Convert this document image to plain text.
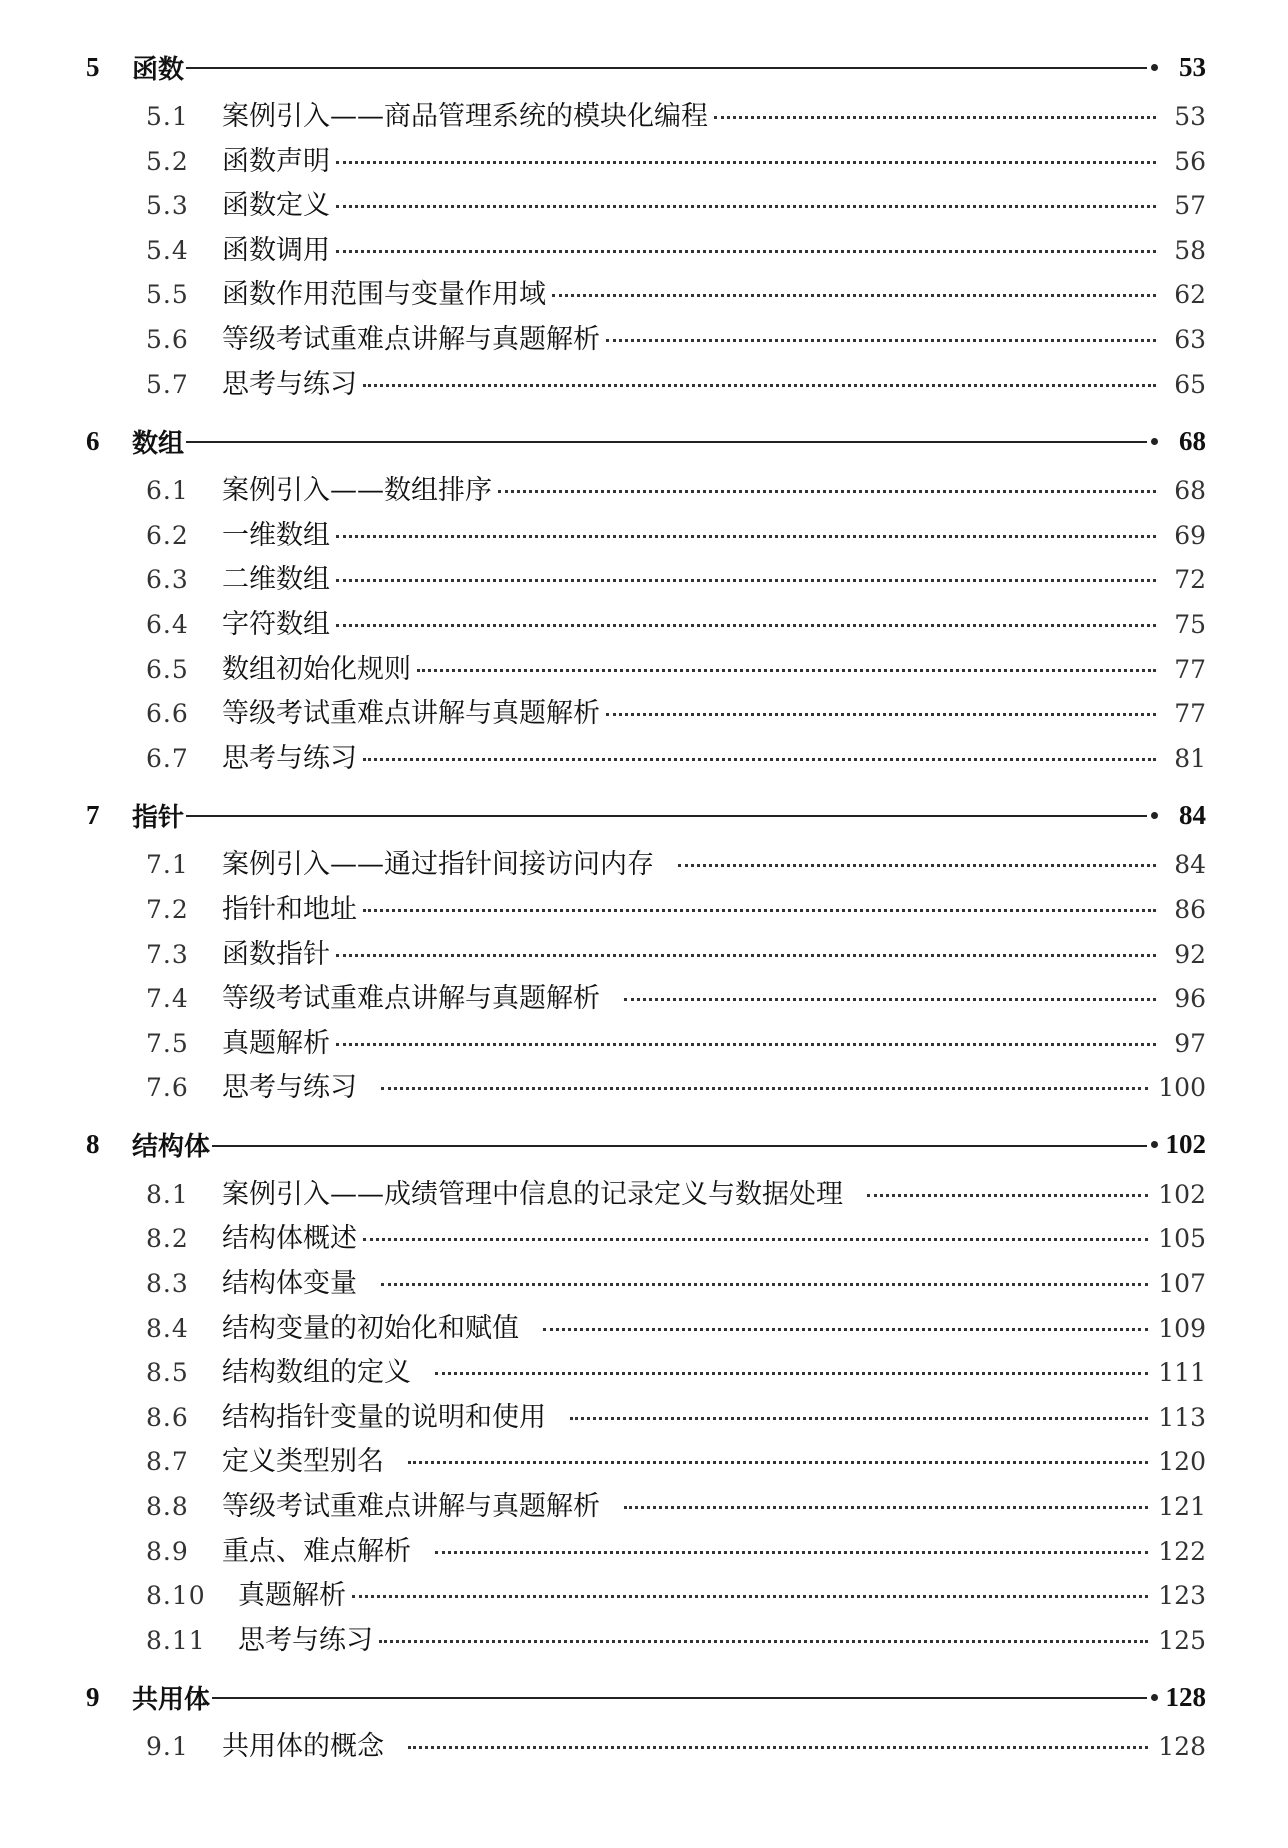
5	函数	53
5.1	案例引入——商品管理系统的模块化编程	53
5.2	函数声明	56
5.3	函数定义	57
5.4	函数调用	58
5.5	函数作用范围与变量作用域	62
5.6	等级考试重难点讲解与真题解析	63
5.7	思考与练习	65
6	数组	68
6.1	案例引入——数组排序	68
6.2	一维数组	69
6.3	二维数组	72
6.4	字符数组	75
6.5	数组初始化规则	77
6.6	等级考试重难点讲解与真题解析	77
6.7	思考与练习	81
7	指针	84
7.1	案例引入——通过指针间接访问内存	84
7.2	指针和地址	86
7.3	函数指针	92
7.4	等级考试重难点讲解与真题解析	96
7.5	真题解析	97
7.6	思考与练习	100
8	结构体	102
8.1	案例引入——成绩管理中信息的记录定义与数据处理	102
8.2	结构体概述	105
8.3	结构体变量	107
8.4	结构变量的初始化和赋值	109
8.5	结构数组的定义	111
8.6	结构指针变量的说明和使用	113
8.7	定义类型别名	120
8.8	等级考试重难点讲解与真题解析	121
8.9	重点、难点解析	122
8.10	真题解析	123
8.11	思考与练习	125
9	共用体	128
9.1	共用体的概念	128
